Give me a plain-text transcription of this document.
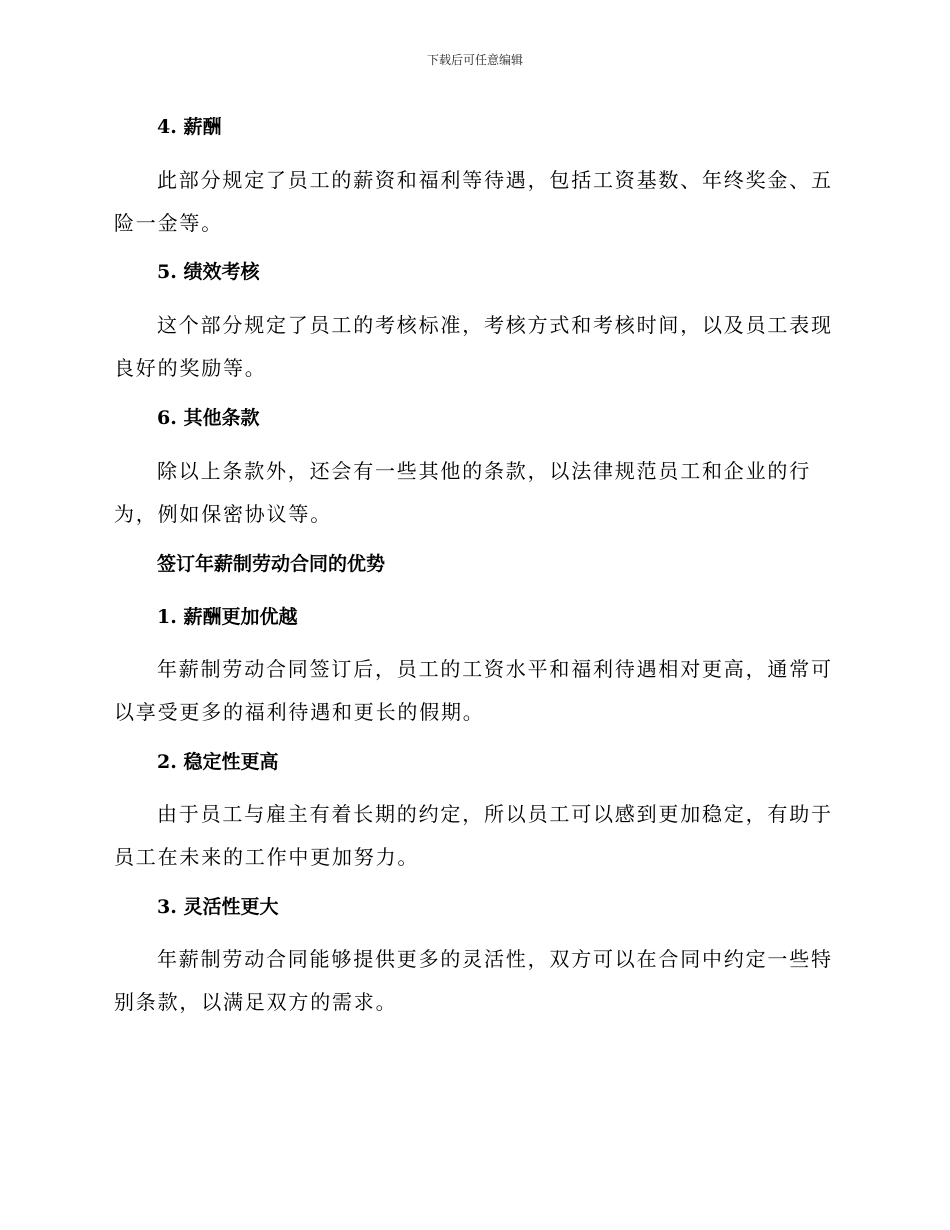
下载后可任意编辑
4. 薪酬

此部分规定了员工的薪资和福利等待遇，包括工资基数、年终奖金、五险一金等。

5. 绩效考核

这个部分规定了员工的考核标准，考核方式和考核时间，以及员工表现良好的奖励等。

6. 其他条款

除以上条款外，还会有一些其他的条款，以法律规范员工和企业的行为，例如保密协议等。

签订年薪制劳动合同的优势
1. 薪酬更加优越

年薪制劳动合同签订后，员工的工资水平和福利待遇相对更高，通常可以享受更多的福利待遇和更长的假期。

2. 稳定性更高

由于员工与雇主有着长期的约定，所以员工可以感到更加稳定，有助于员工在未来的工作中更加努力。

3. 灵活性更大

年薪制劳动合同能够提供更多的灵活性，双方可以在合同中约定一些特别条款，以满足双方的需求。
